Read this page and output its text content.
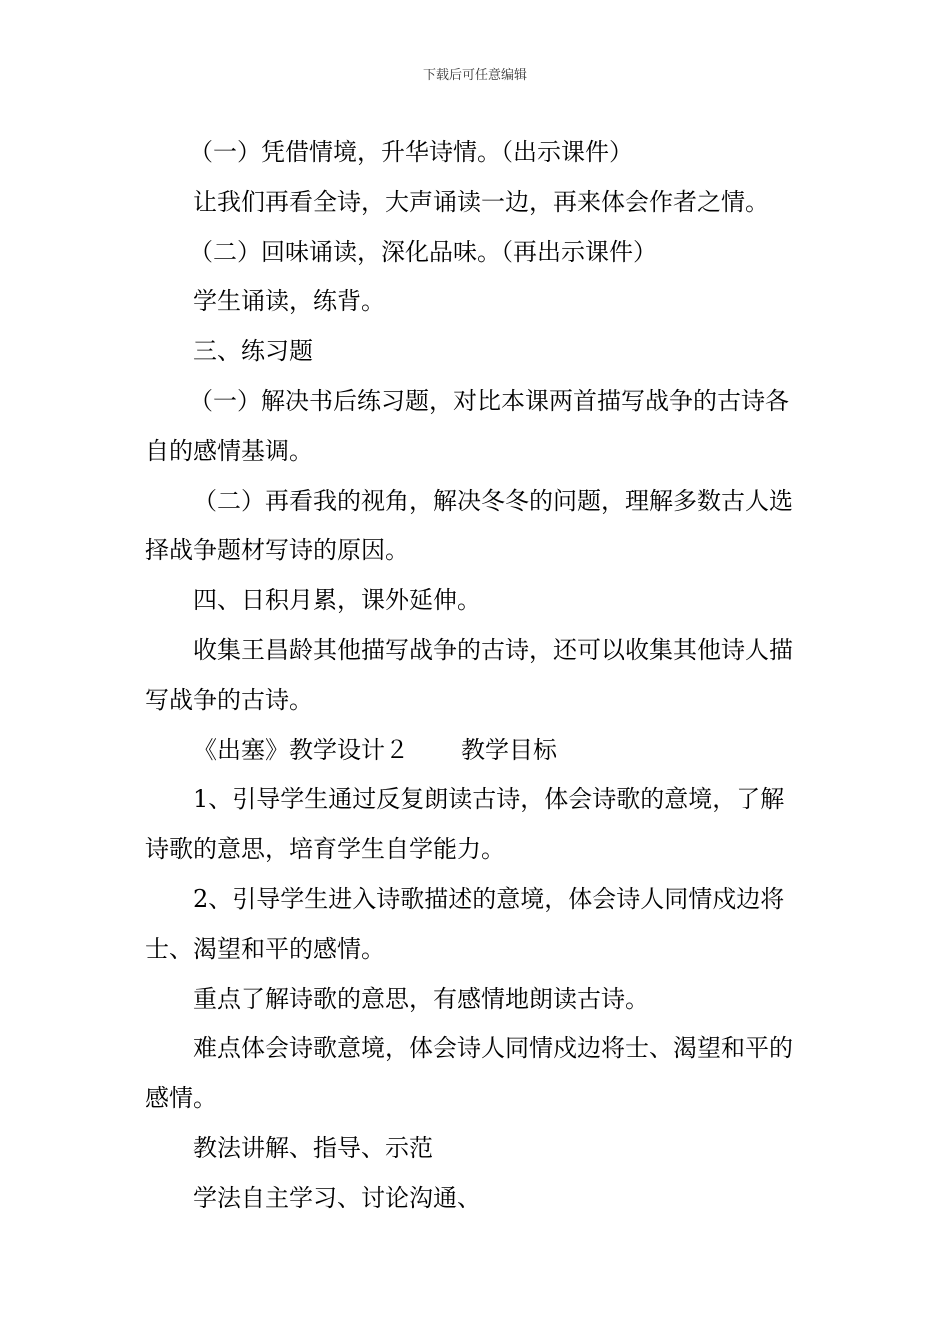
下载后可任意编辑

（一）凭借情境，升华诗情。（出示课件）

让我们再看全诗，大声诵读一边，再来体会作者之情。

（二）回味诵读，深化品味。（再出示课件）

学生诵读，练背。

三、练习题

（一）解决书后练习题，对比本课两首描写战争的古诗各自的感情基调。

（二）再看我的视角，解决冬冬的问题，理解多数古人选择战争题材写诗的原因。

四、日积月累，课外延伸。

收集王昌龄其他描写战争的古诗，还可以收集其他诗人描写战争的古诗。

《出塞》教学设计２ 教学目标

1、引导学生通过反复朗读古诗，体会诗歌的意境，了解诗歌的意思，培育学生自学能力。

2、引导学生进入诗歌描述的意境，体会诗人同情戍边将士、渴望和平的感情。

重点了解诗歌的意思，有感情地朗读古诗。

难点体会诗歌意境，体会诗人同情戍边将士、渴望和平的感情。

教法讲解、指导、示范

学法自主学习、讨论沟通、
